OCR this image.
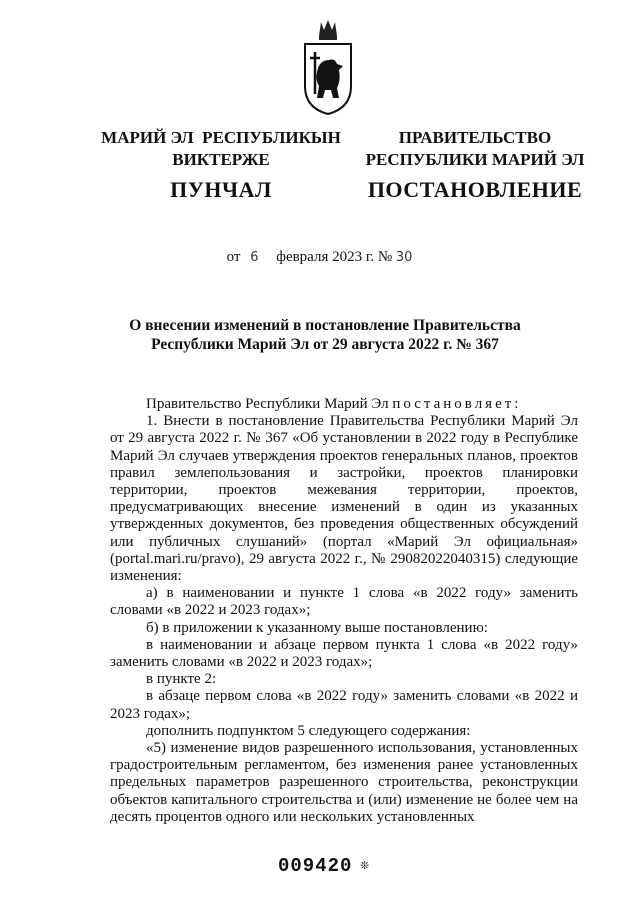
МАРИЙ ЭЛ  РЕСПУБЛИКЫН
ВИКТЕРЖЕ
ПУНЧАЛ
ПРАВИТЕЛЬСТВО
РЕСПУБЛИКИ МАРИЙ ЭЛ
ПОСТАНОВЛЕНИЕ
от 6 февраля 2023 г. № 30
О внесении изменений в постановление Правительства
Республики Марий Эл от 29 августа 2022 г. № 367

Правительство Республики Марий Эл постановляет:

1. Внести в постановление Правительства Республики Марий Эл от 29 августа 2022 г. № 367 «Об установлении в 2022 году в Республике Марий Эл случаев утверждения проектов генеральных планов, проектов правил землепользования и застройки, проектов планировки территории, проектов межевания территории, проектов, предусматривающих внесение изменений в один из указанных утвержденных документов, без проведения общественных обсуждений или публичных слушаний» (портал «Марий Эл официальная» (portal.mari.ru/pravo), 29 августа 2022 г., № 29082022040315) следующие изменения:

а) в наименовании и пункте 1 слова «в 2022 году» заменить словами «в 2022 и 2023 годах»;

б) в приложении к указанному выше постановлению:

в наименовании и абзаце первом пункта 1 слова «в 2022 году» заменить словами «в 2022 и 2023 годах»;

в пункте 2:

в абзаце первом слова «в 2022 году» заменить словами «в 2022 и 2023 годах»;

дополнить подпунктом 5 следующего содержания:

«5) изменение видов разрешенного использования, установленных градостроительным регламентом, без изменения ранее установленных предельных параметров разрешенного строительства, реконструкции объектов капитального строительства и (или) изменение не более чем на десять процентов одного или нескольких установленных

009420 ❊
